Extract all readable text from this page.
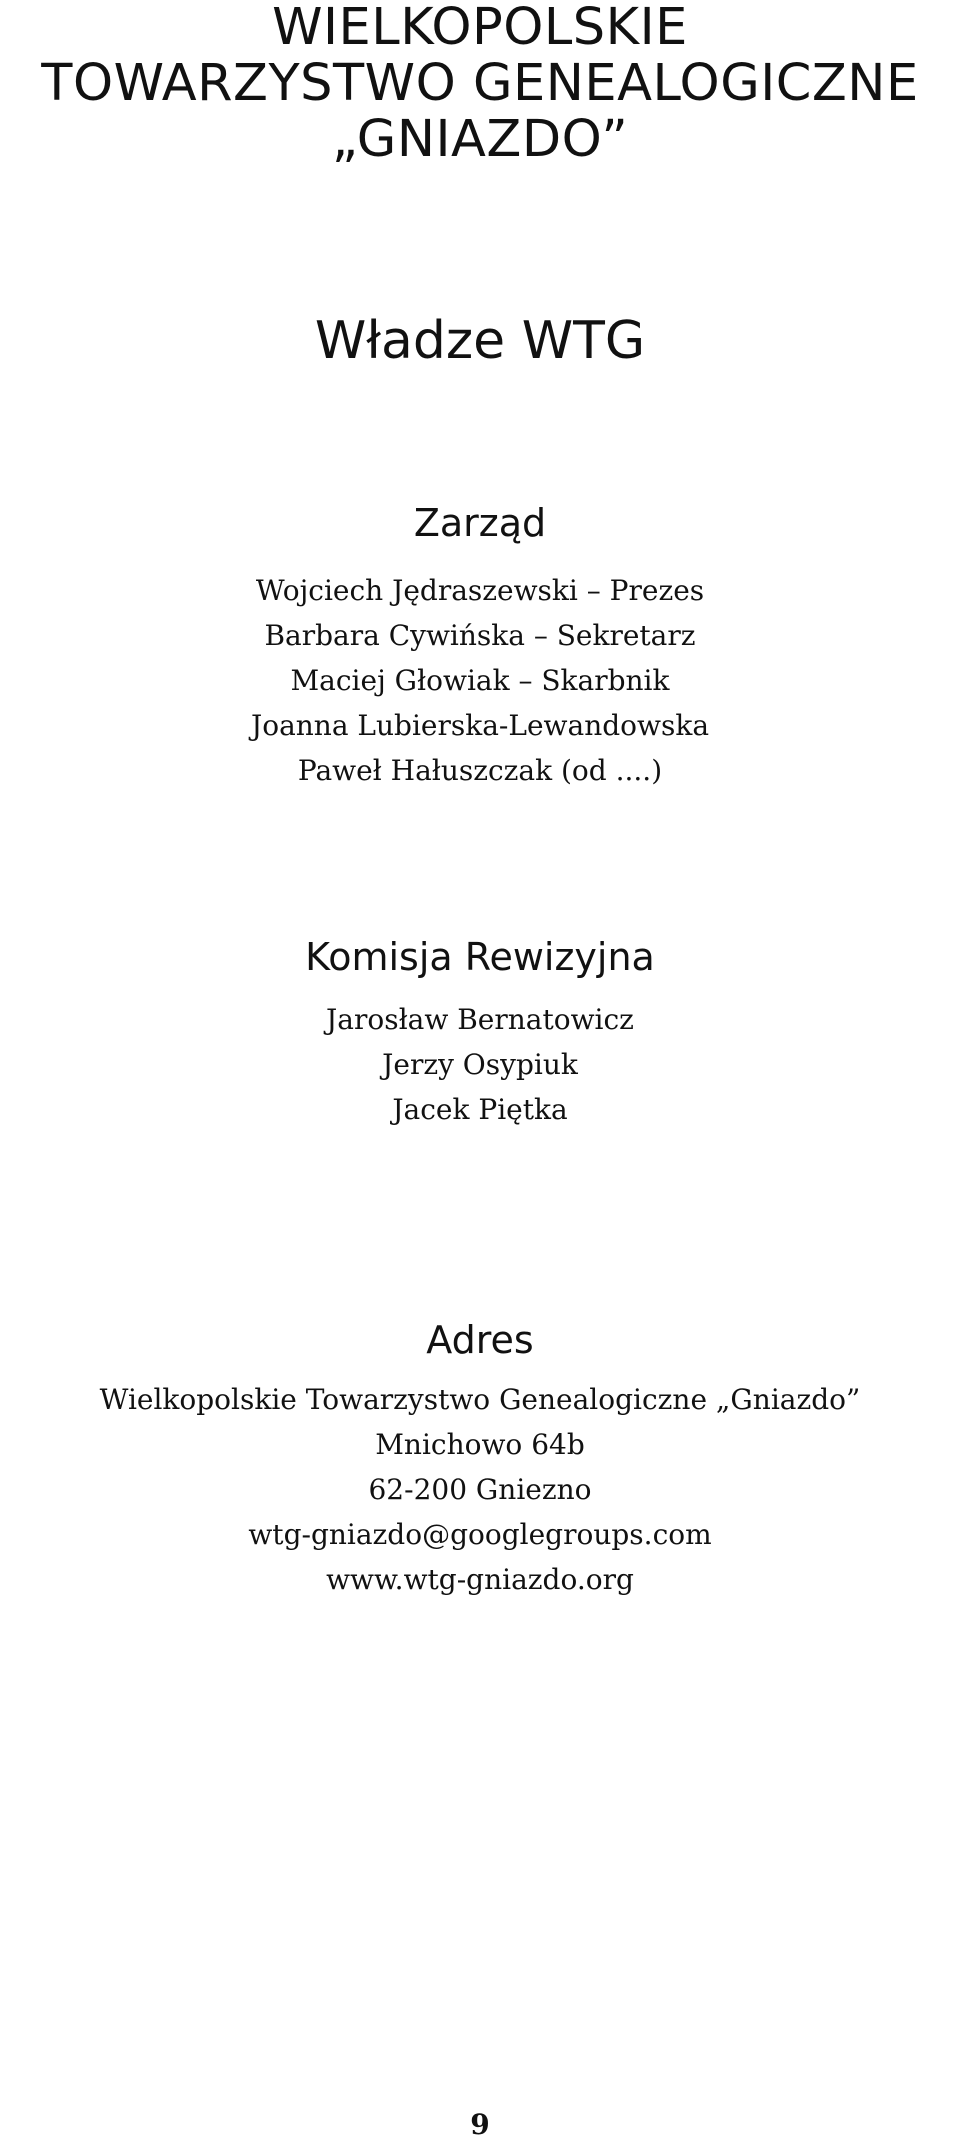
WIELKOPOLSKIE
TOWARZYSTWO GENEALOGICZNE
„GNIAZDO”
Władze WTG
Zarząd
Wojciech Jędraszewski – Prezes
Barbara Cywińska – Sekretarz
Maciej Głowiak – Skarbnik
Joanna Lubierska-Lewandowska
Paweł Hałuszczak (od ....)
Komisja Rewizyjna
Jarosław Bernatowicz
Jerzy Osypiuk
Jacek Piętka
Adres
Wielkopolskie Towarzystwo Genealogiczne „Gniazdo”
Mnichowo 64b
62-200 Gniezno
wtg-gniazdo@googlegroups.com
www.wtg-gniazdo.org
9
